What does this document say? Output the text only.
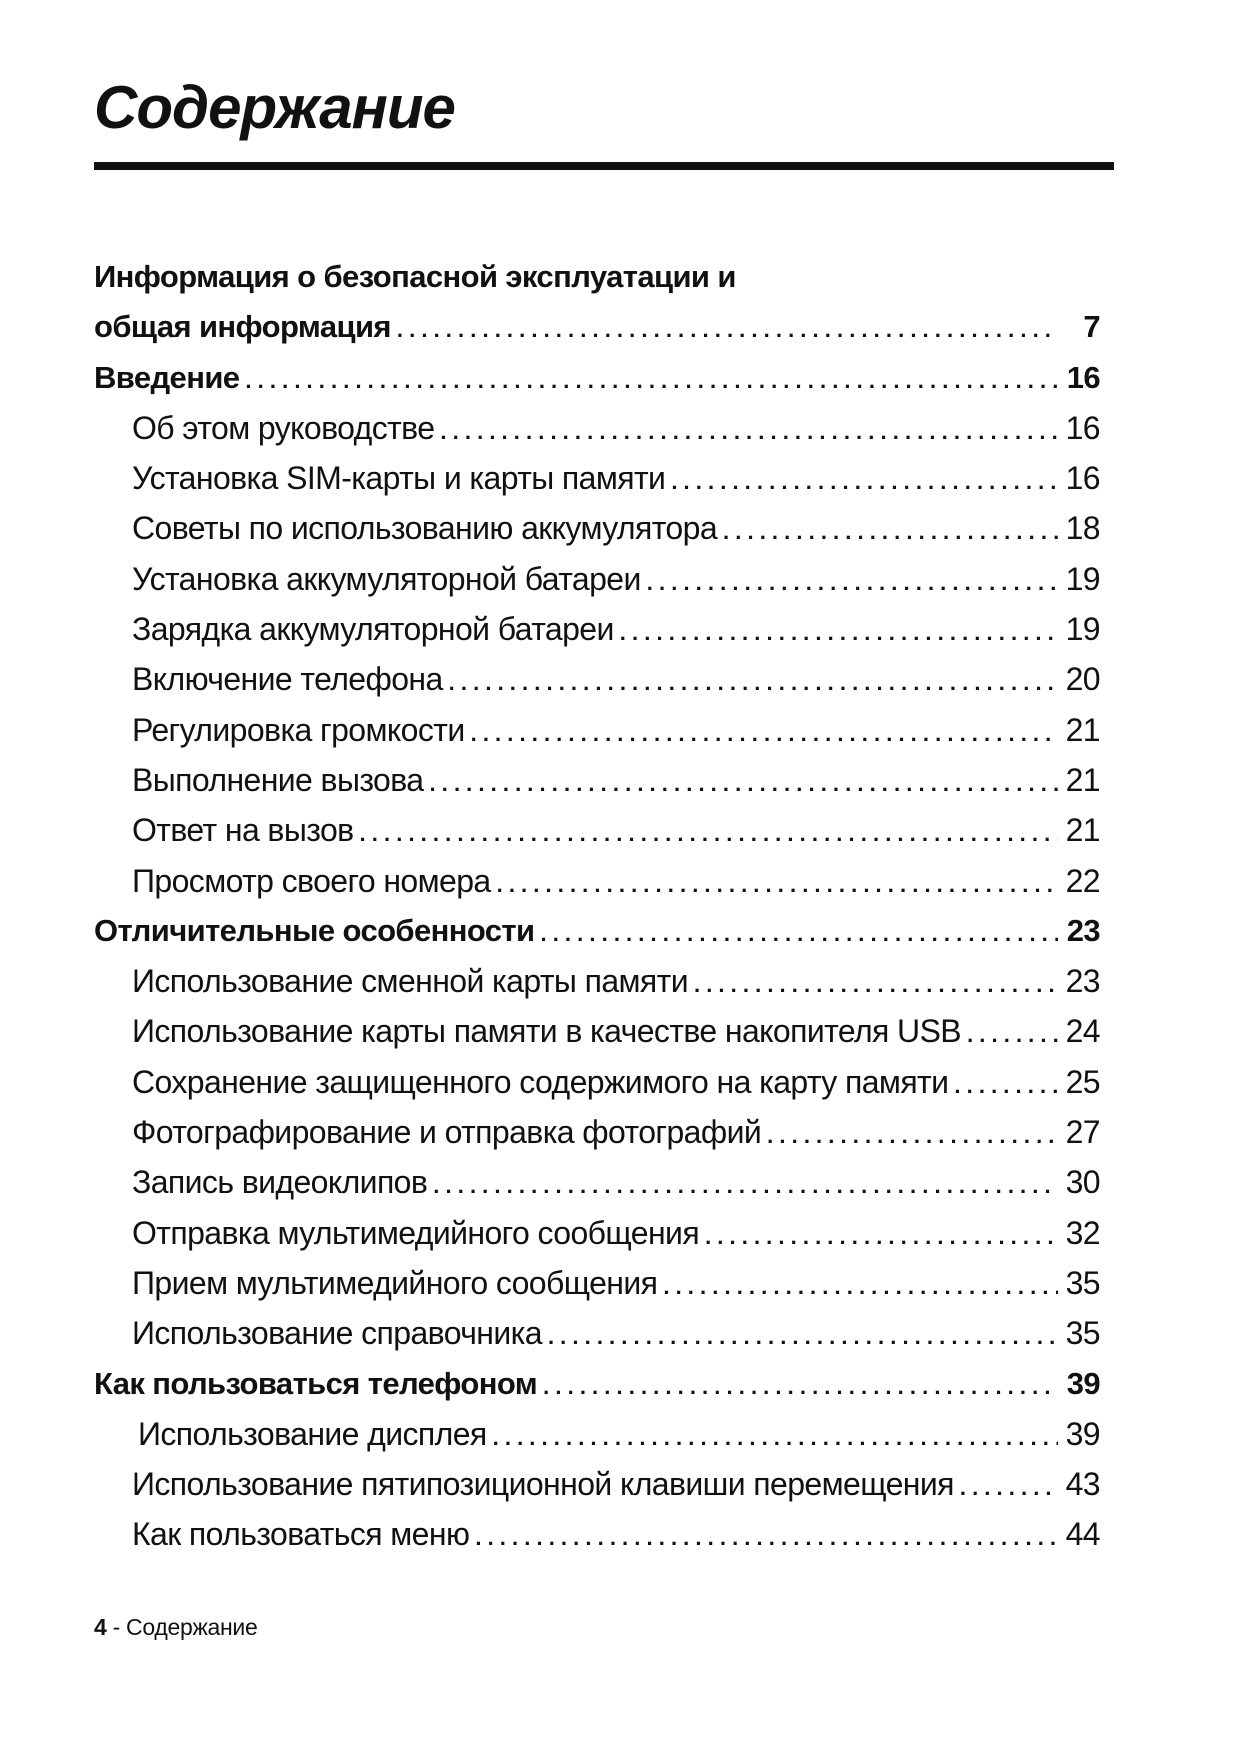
Содержание
Информация о безопасной эксплуатации и
общая информация . . .	7
Введение . . .	16
Об этом руководстве . . .	16
Установка SIM-карты и карты памяти . . .	16
Советы по использованию аккумулятора . . .	18
Установка аккумуляторной батареи . . .	19
Зарядка аккумуляторной батареи . . .	19
Включение телефона . . .	20
Регулировка громкости . . .	21
Выполнение вызова . . .	21
Ответ на вызов . . .	21
Просмотр своего номера . . .	22
Отличительные особенности . . .	23
Использование сменной карты памяти . . .	23
Использование карты памяти в качестве накопителя USB . . .	24
Сохранение защищенного содержимого на карту памяти . . .	25
Фотографирование и отправка фотографий . . .	27
Запись видеоклипов . . .	30
Отправка мультимедийного сообщения . . .	32
Прием мультимедийного сообщения . . .	35
Использование справочника . . .	35
Как пользоваться телефоном . . .	39
Использование дисплея . . .	39
Использование пятипозиционной клавиши перемещения . . .	43
Как пользоваться меню . . .	44
4 - Содержание
